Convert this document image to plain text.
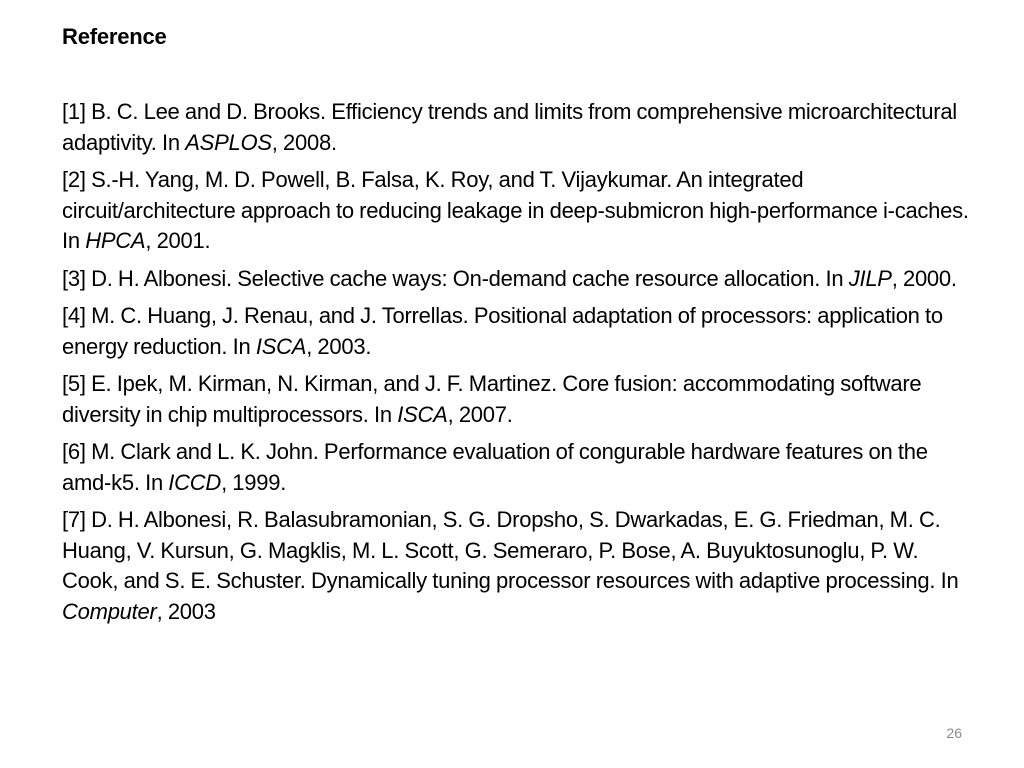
Reference
[1] B. C. Lee and D. Brooks. Efficiency trends and limits from comprehensive microarchitectural adaptivity. In ASPLOS, 2008.
[2] S.-H. Yang, M. D. Powell, B. Falsa, K. Roy, and T. Vijaykumar. An integrated circuit/architecture approach to reducing leakage in deep-submicron high-performance i-caches. In HPCA, 2001.
[3] D. H. Albonesi. Selective cache ways: On-demand cache resource allocation. In JILP, 2000.
[4] M. C. Huang, J. Renau, and J. Torrellas. Positional adaptation of processors: application to energy reduction. In ISCA, 2003.
[5] E. Ipek, M. Kirman, N. Kirman, and J. F. Martinez. Core fusion: accommodating software diversity in chip multiprocessors. In ISCA, 2007.
[6] M. Clark and L. K. John. Performance evaluation of congurable hardware features on the amd-k5. In ICCD, 1999.
[7] D. H. Albonesi, R. Balasubramonian, S. G. Dropsho, S. Dwarkadas, E. G. Friedman, M. C. Huang, V. Kursun, G. Magklis, M. L. Scott, G. Semeraro, P. Bose, A. Buyuktosunoglu, P. W. Cook, and S. E. Schuster. Dynamically tuning processor resources with adaptive processing. In Computer, 2003
26
